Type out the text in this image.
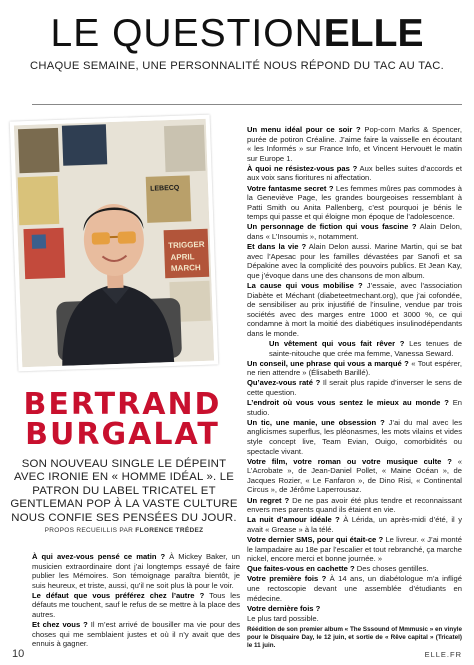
LE QUESTIONELLE
CHAQUE SEMAINE, UNE PERSONNALITÉ NOUS RÉPOND DU TAC AU TAC.
LEBECQ
TRIGGER
APRIL
MARCH
BERTRAND
BURGALAT
SON NOUVEAU SINGLE LE DÉPEINT AVEC IRONIE EN « HOMME IDÉAL ». LE PATRON DU LABEL TRICATEL ET GENTLEMAN POP À LA VASTE CULTURE NOUS CONFIE SES PENSÉES DU JOUR.
PROPOS RECUEILLIS PAR FLORENCE TRÉDEZ
À qui avez-vous pensé ce matin ? À Mickey Baker, un musicien extraordinaire dont j’ai longtemps essayé de faire publier les Mémoires. Son témoignage paraîtra bientôt, je suis heureux, et triste, aussi, qu’il ne soit plus là pour le voir.
Le défaut que vous préférez chez l’autre ? Tous les défauts me touchent, sauf le refus de se mettre à la place des autres.
Et chez vous ? Il m’est arrivé de bousiller ma vie pour des choses qui me semblaient justes et où il n’y avait que des ennuis à gagner.
Un menu idéal pour ce soir ? Pop-corn Marks & Spencer, purée de potiron Créaline. J’aime faire la vaisselle en écoutant « les Informés » sur France Info, et Vincent Hervouët le matin sur Europe 1.
À quoi ne résistez-vous pas ? Aux belles suites d’accords et aux voix sans fioritures ni affectation.
Votre fantasme secret ? Les femmes mûres pas commodes à la Geneviève Page, les grandes bourgeoises ressemblant à Patti Smith ou Anita Pallenberg, c’est pourquoi je bénis le temps qui passe et qui éloigne mon époque de l’adolescence.
Un personnage de fiction qui vous fascine ? Alain Delon, dans « L’Insoumis », notamment.
Et dans la vie ? Alain Delon aussi. Marine Martin, qui se bat avec l’Apesac pour les familles dévastées par Sanofi et sa Dépakine avec la complicité des pouvoirs publics. Et Jean Kay, que j’évoque dans une des chansons de mon album.
La cause qui vous mobilise ? J’essaie, avec l’association Diabète et Méchant (diabeteetmechant.org), que j’ai cofondée, de sensibiliser au prix injustifié de l’insuline, vendue par trois sociétés avec des marges entre 1000 et 3000 %, ce qui condamne à mort la moitié des diabétiques insulinodépendants dans le monde.
Un vêtement qui vous fait rêver ? Les tenues de sainte-nitouche que crée ma femme, Vanessa Seward.
Un conseil, une phrase qui vous a marqué ? « Tout espérer, ne rien attendre » (Élisabeth Barillé).
Qu’avez-vous raté ? Il serait plus rapide d’inverser le sens de cette question.
L’endroit où vous vous sentez le mieux au monde ? En studio.
Un tic, une manie, une obsession ? J’ai du mal avec les anglicismes superflus, les pléonasmes, les mots vilains et vides style concept live, Team Evian, Ouigo, comorbidités ou spectacle vivant.
Votre film, votre roman ou votre musique culte ? « L’Acrobate », de Jean-Daniel Pollet, « Maine Océan », de Jacques Rozier, « Le Fanfaron », de Dino Risi, « Continental Circus », de Jérôme Laperrousaz.
Un regret ? De ne pas avoir été plus tendre et reconnaissant envers mes parents quand ils étaient en vie.
La nuit d’amour idéale ? À Lérida, un après-midi d’été, il y avait « Grease » à la télé.
Votre dernier SMS, pour qui était-ce ? Le livreur. « J’ai monté le lampadaire au 18e par l’escalier et tout rebranché, ça marche nickel, encore merci et bonne journée. »
Que faites-vous en cachette ? Des choses gentilles.
Votre première fois ? À 14 ans, un diabétologue m’a infligé une rectoscopie devant une assemblée d’étudiants en médecine.
Votre dernière fois ?
Le plus tard possible.
Réédition de son premier album « The Sssound of Mmmusic » en vinyle pour le Disquaire Day, le 12 juin, et sortie de « Rêve capital » (Tricatel) le 11 juin.
10	ELLE.FR
